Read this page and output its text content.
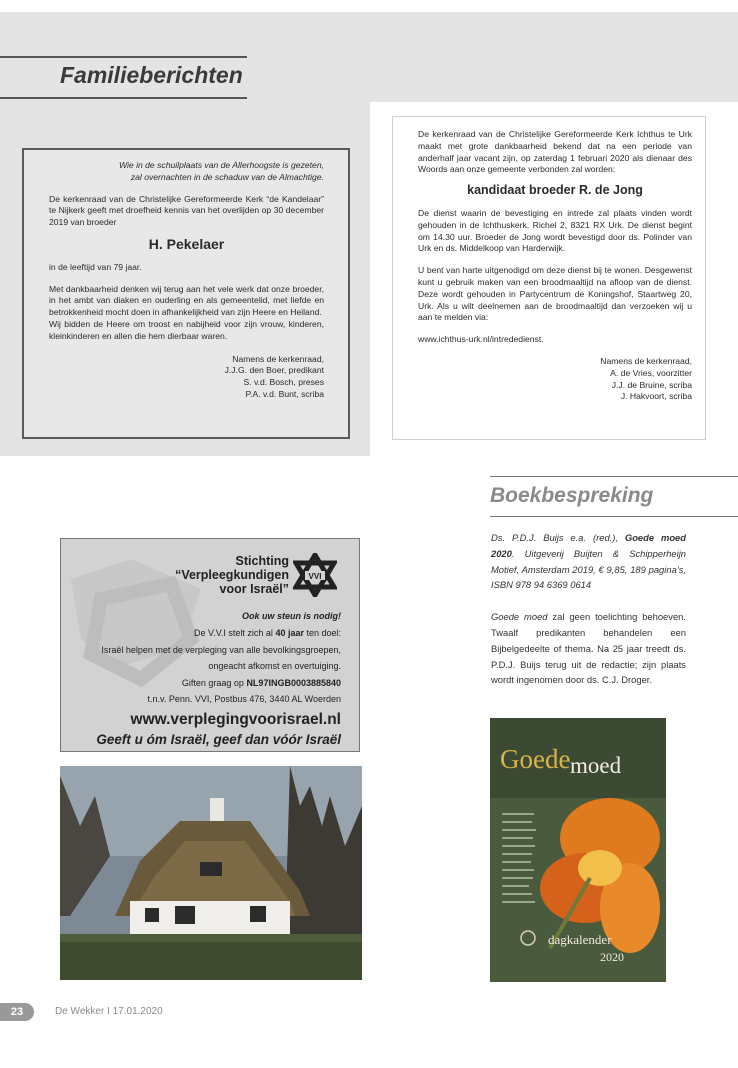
Familieberichten

Wie in de schuilplaats van de Allerhoogste is gezeten,

zal overnachten in de schaduw van de Almachtige.

De kerkenraad van de Christelijke Gereformeerde Kerk “de Kandelaar” te Nijkerk geeft met droefheid kennis van het overlijden op 30 december 2019 van broeder

H. Pekelaer

in de leeftijd van 79 jaar.

Met dankbaarheid denken wij terug aan het vele werk dat onze broeder, in het ambt van diaken en ouderling en als gemeentelid, met liefde en betrokkenheid mocht doen in afhankelijkheid van zijn Heere en Heiland.

Wij bidden de Heere om troost en nabijheid voor zijn vrouw, kinderen, kleinkinderen en allen die hem dierbaar waren.

Namens de kerkenraad,

J.J.G. den Boer, predikant

S. v.d. Bosch, preses

P.A. v.d. Bunt, scriba

De kerkenraad van de Christelijke Gereformeerde Kerk Ichthus te Urk maakt met grote dankbaarheid bekend dat na een periode van anderhalf jaar vacant zijn, op zaterdag 1 februari 2020 als dienaar des Woords aan onze gemeente verbonden zal worden:

kandidaat broeder R. de Jong

De dienst waarin de bevestiging en intrede zal plaats vinden wordt gehouden in de Ichthuskerk, Richel 2, 8321 RX Urk. De dienst begint om 14.30 uur. Broeder de Jong wordt bevestigd door ds. Polinder van Urk en ds. Middelkoop van Harderwijk.

U bent van harte uitgenodigd om deze dienst bij te wonen. Desgewenst kunt u gebruik maken van een broodmaaltijd na afloop van de dienst. Deze wordt gehouden in Partycentrum de Koningshof, Staartweg 20, Urk. Als u wilt deelnemen aan de broodmaaltijd dan verzoeken wij u aan te melden via:

www.ichthus-urk.nl/intrededienst.

Namens de kerkenraad,

A. de Vries, voorzitter

J.J. de Bruine, scriba

J. Hakvoort, scriba

Boekbespreking

Ds. P.D.J. Buijs e.a. (red.), Goede moed 2020. Uitgeverij Buijten & Schipperheijn Motief, Amsterdam 2019, € 9,85, 189 pagina’s, ISBN 978 94 6369 0614

Goede moed zal geen toelichting behoeven. Twaalf predikanten behandelen een Bijbelgedeelte of thema. Na 25 jaar treedt ds. P.D.J. Buijs terug uit de redactie; zijn plaats wordt ingenomen door ds. C.J. Droger.

Stichting
“Verpleegkundigen
voor Israël”
VVI
Ook uw steun is nodig!
De V.V.I stelt zich al 40 jaar ten doel:
Israël helpen met de verpleging van alle bevolkingsgroepen,
ongeacht afkomst en overtuiging.
Giften graag op NL97INGB0003885840
t.n.v. Penn. VVI, Postbus 476, 3440 AL Woerden
www.verplegingvoorisrael.nl
Geeft u óm Israël, geef dan vóór Israël
Goede moed
dagkalender
2020
23	De Wekker I 17.01.2020
